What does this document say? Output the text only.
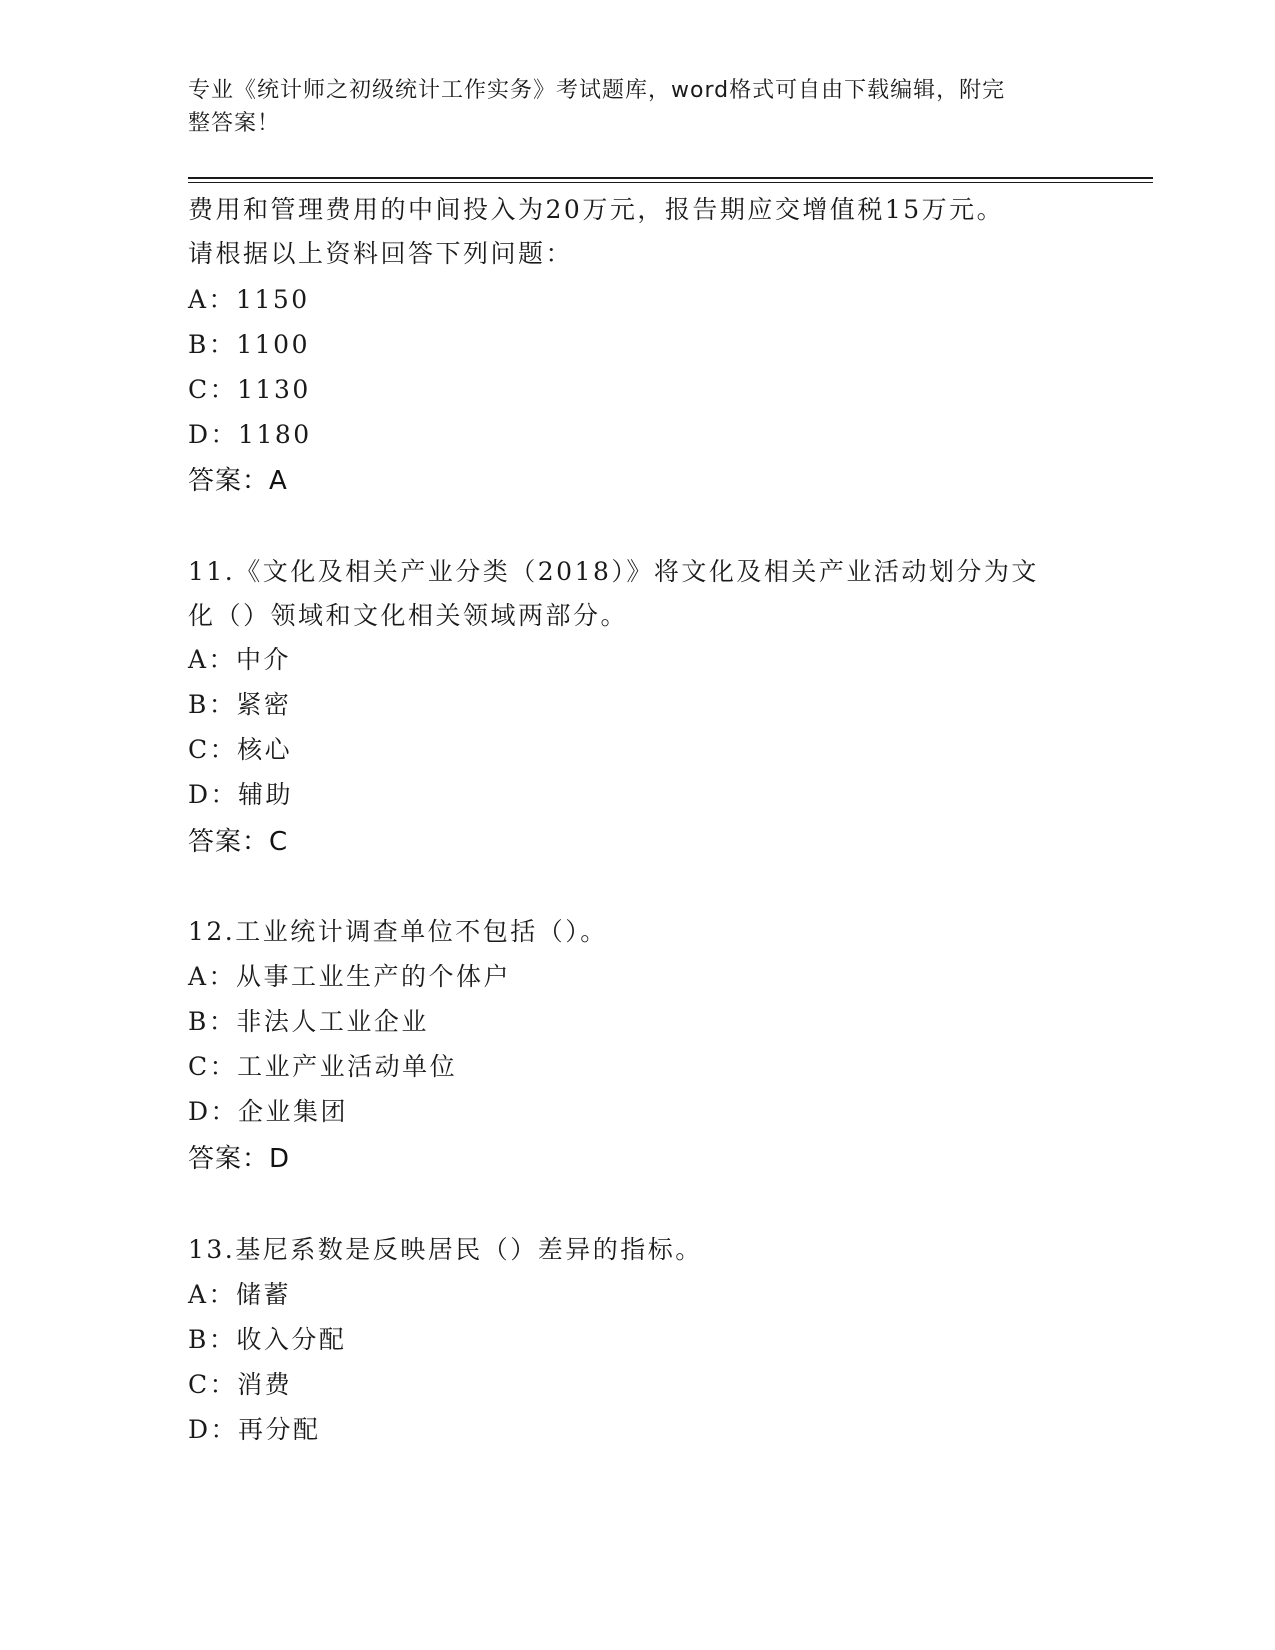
专业《统计师之初级统计工作实务》考试题库，word格式可自由下载编辑，附完
整答案！
费用和管理费用的中间投入为20万元，报告期应交增值税15万元。
请根据以上资料回答下列问题：
A：1150
B：1100
C：1130
D：1180
答案：A
11.《文化及相关产业分类（2018）》将文化及相关产业活动划分为文
化（）领域和文化相关领域两部分。
A：中介
B：紧密
C：核心
D：辅助
答案：C
12.工业统计调查单位不包括（）。
A：从事工业生产的个体户
B：非法人工业企业
C：工业产业活动单位
D：企业集团
答案：D
13.基尼系数是反映居民（）差异的指标。
A：储蓄
B：收入分配
C：消费
D：再分配
